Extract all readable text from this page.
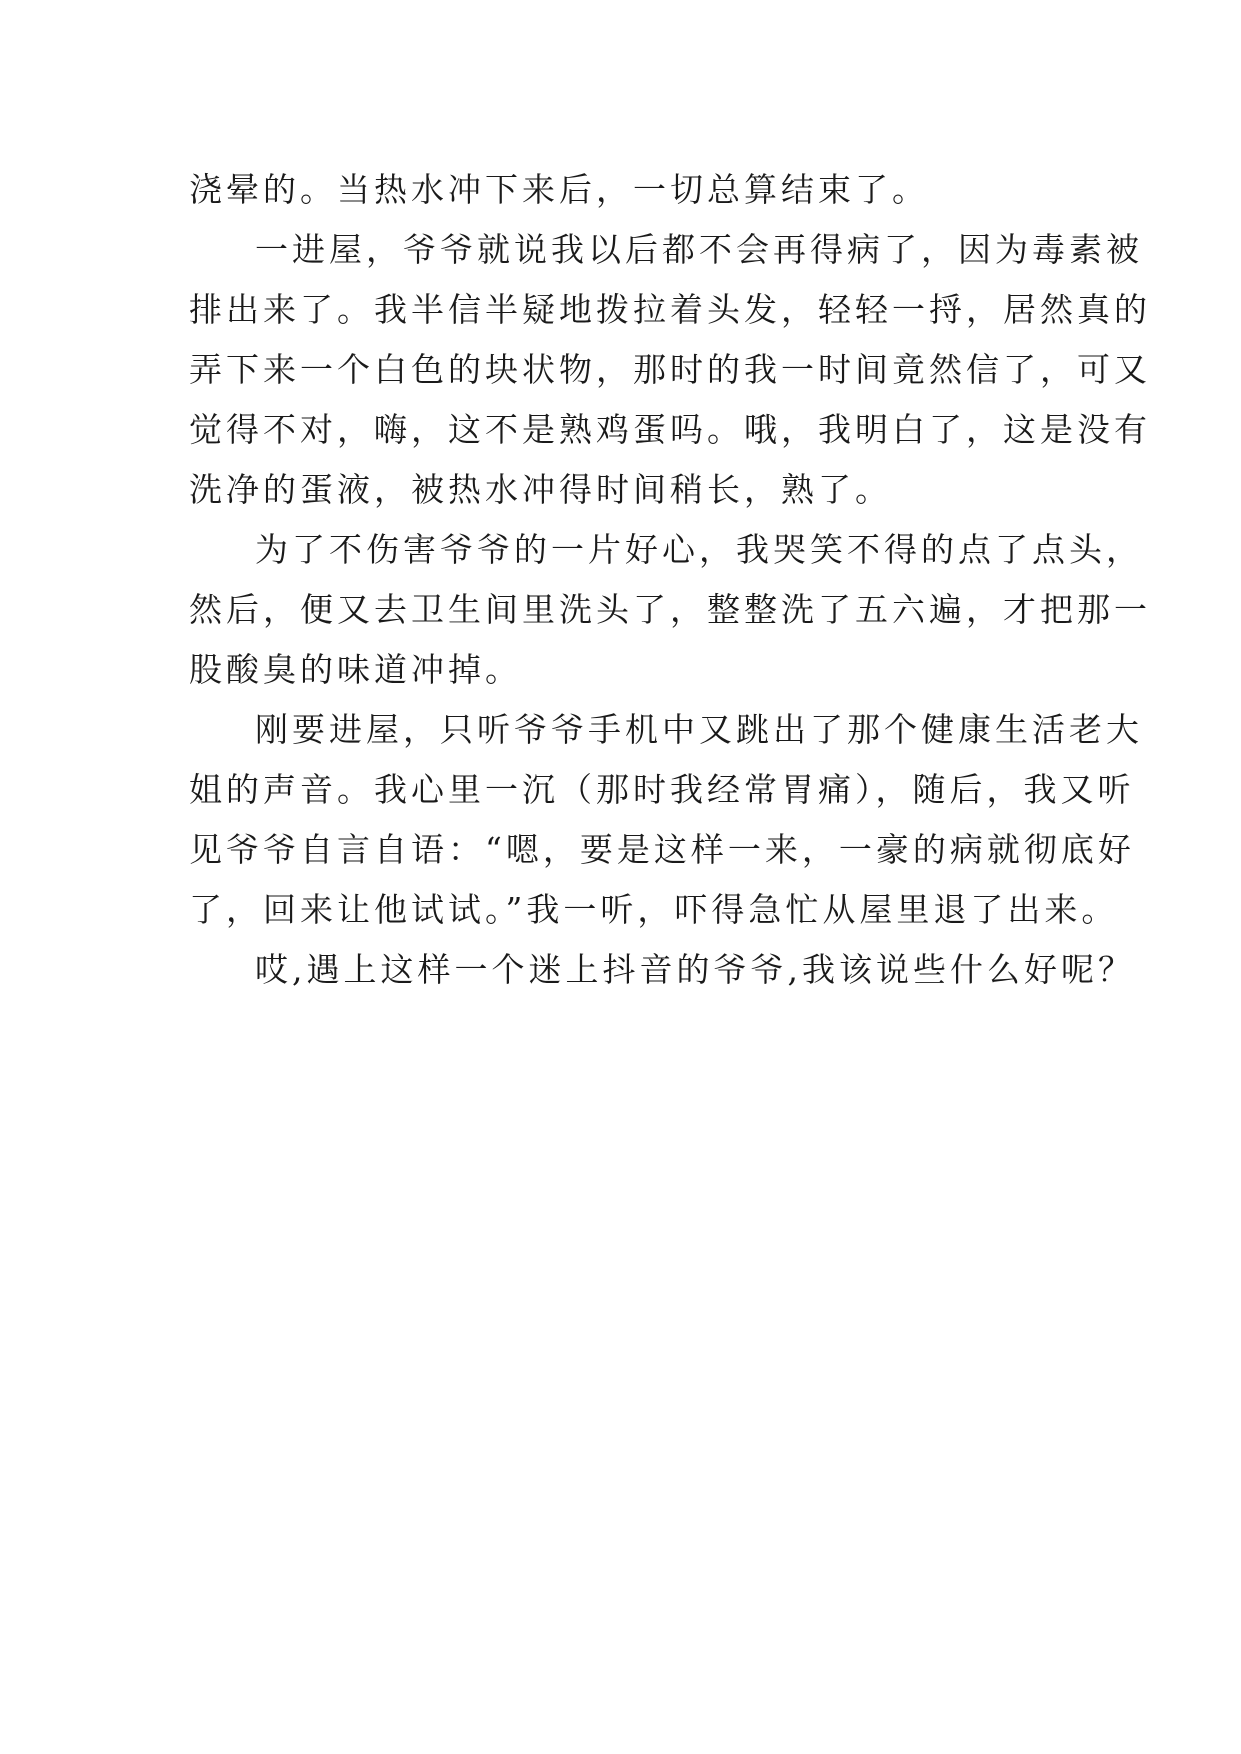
浇晕的。当热水冲下来后，一切总算结束了。
一进屋，爷爷就说我以后都不会再得病了，因为毒素被
排出来了。我半信半疑地拨拉着头发，轻轻一捋，居然真的
弄下来一个白色的块状物，那时的我一时间竟然信了，可又
觉得不对，嗨，这不是熟鸡蛋吗。哦，我明白了，这是没有
洗净的蛋液，被热水冲得时间稍长，熟了。
为了不伤害爷爷的一片好心，我哭笑不得的点了点头，
然后，便又去卫生间里洗头了，整整洗了五六遍，才把那一
股酸臭的味道冲掉。
刚要进屋，只听爷爷手机中又跳出了那个健康生活老大
姐的声音。我心里一沉（那时我经常胃痛），随后，我又听
见爷爷自言自语：“嗯，要是这样一来，一豪的病就彻底好
了，回来让他试试。”我一听，吓得急忙从屋里退了出来。
哎,遇上这样一个迷上抖音的爷爷,我该说些什么好呢？
